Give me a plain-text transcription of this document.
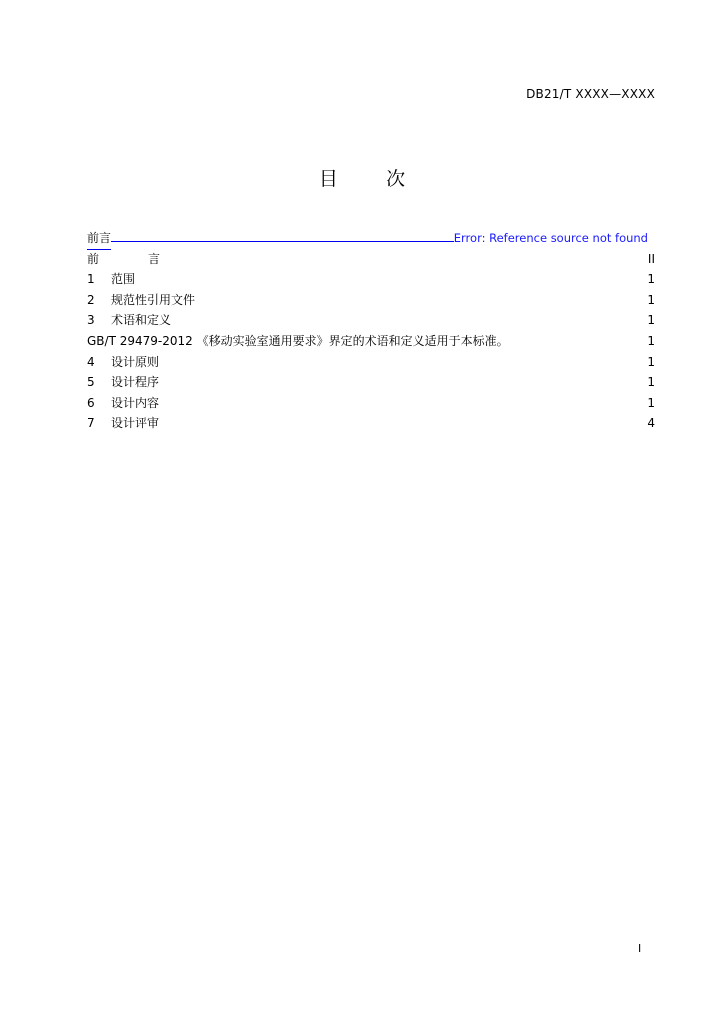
DB21/T XXXX—XXXX
目        次
前言
.....	Error: Reference source not found
前	言	II
1	范围	1
2	规范性引用文件	1
3	术语和定义	1
GB/T 29479-2012 《移动实验室通用要求》界定的术语和定义适用于本标准。	1
4	设计原则	1
5	设计程序	1
6	设计内容	1
7	设计评审	4
I
